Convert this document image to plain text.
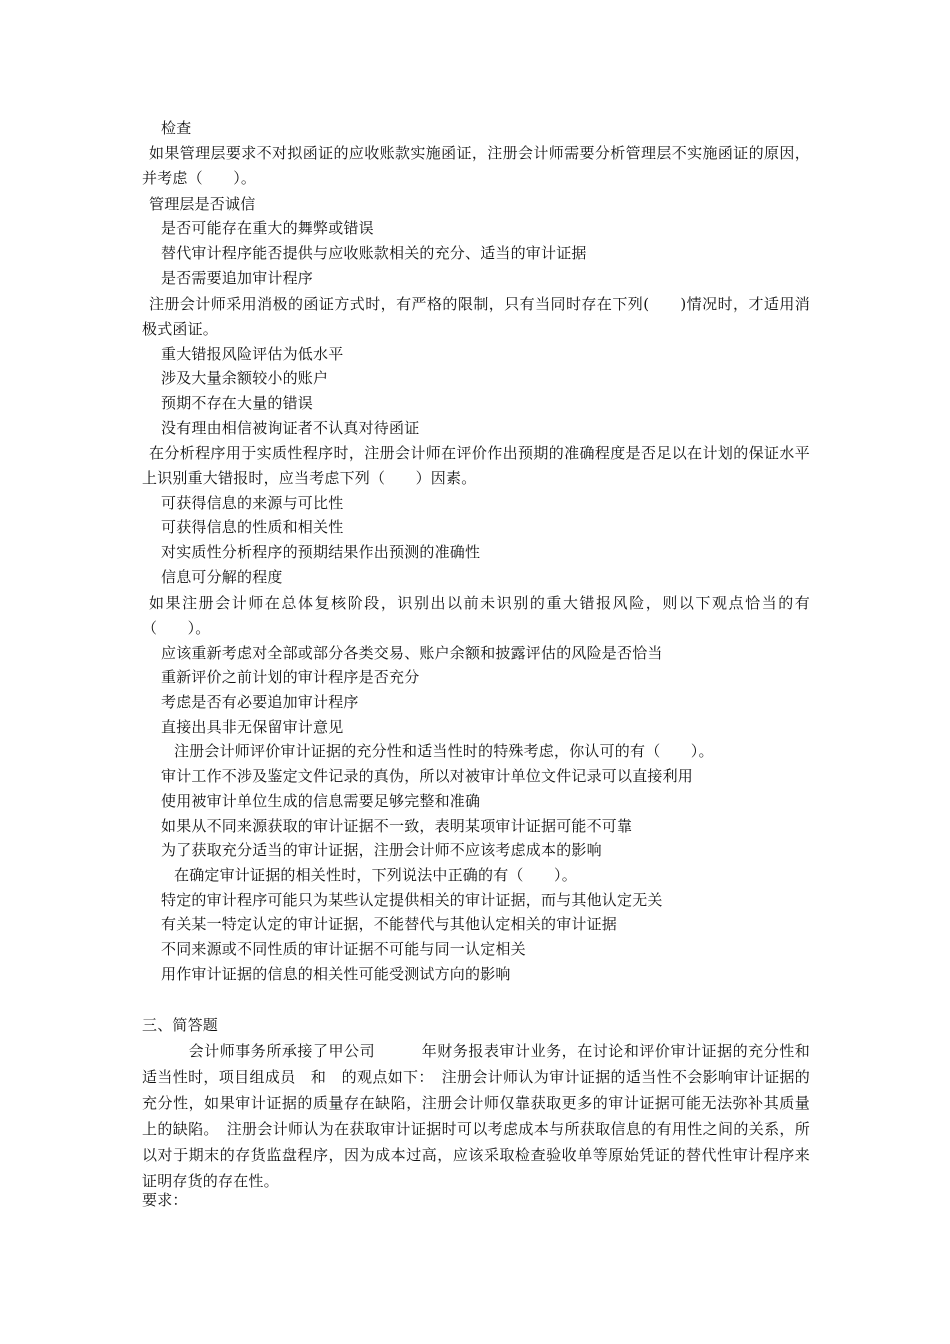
检查
如果管理层要求不对拟函证的应收账款实施函证，注册会计师需要分析管理层不实施函证的原因，并考虑（　　）。
管理层是否诚信
是否可能存在重大的舞弊或错误
替代审计程序能否提供与应收账款相关的充分、适当的审计证据
是否需要追加审计程序
注册会计师采用消极的函证方式时，有严格的限制，只有当同时存在下列(　　)情况时，才适用消极式函证。
重大错报风险评估为低水平
涉及大量余额较小的账户
预期不存在大量的错误
没有理由相信被询证者不认真对待函证
在分析程序用于实质性程序时，注册会计师在评价作出预期的准确程度是否足以在计划的保证水平上识别重大错报时，应当考虑下列（　　）因素。
可获得信息的来源与可比性
可获得信息的性质和相关性
对实质性分析程序的预期结果作出预测的准确性
信息可分解的程度
如果注册会计师在总体复核阶段，识别出以前未识别的重大错报风险，则以下观点恰当的有（　　）。
应该重新考虑对全部或部分各类交易、账户余额和披露评估的风险是否恰当
重新评价之前计划的审计程序是否充分
考虑是否有必要追加审计程序
直接出具非无保留审计意见
注册会计师评价审计证据的充分性和适当性时的特殊考虑，你认可的有（　　）。
审计工作不涉及鉴定文件记录的真伪，所以对被审计单位文件记录可以直接利用
使用被审计单位生成的信息需要足够完整和准确
如果从不同来源获取的审计证据不一致，表明某项审计证据可能不可靠
为了获取充分适当的审计证据，注册会计师不应该考虑成本的影响
在确定审计证据的相关性时，下列说法中正确的有（　　）。
特定的审计程序可能只为某些认定提供相关的审计证据，而与其他认定无关
有关某一特定认定的审计证据，不能替代与其他认定相关的审计证据
不同来源或不同性质的审计证据不可能与同一认定相关
用作审计证据的信息的相关性可能受测试方向的影响
三、简答题
　　　会计师事务所承接了甲公司　　　年财务报表审计业务，在讨论和评价审计证据的充分性和适当性时，项目组成员　和　的观点如下：　注册会计师认为审计证据的适当性不会影响审计证据的充分性，如果审计证据的质量存在缺陷，注册会计师仅靠获取更多的审计证据可能无法弥补其质量上的缺陷。　注册会计师认为在获取审计证据时可以考虑成本与所获取信息的有用性之间的关系，所以对于期末的存货监盘程序，因为成本过高，应该采取检查验收单等原始凭证的替代性审计程序来证明存货的存在性。
要求：
